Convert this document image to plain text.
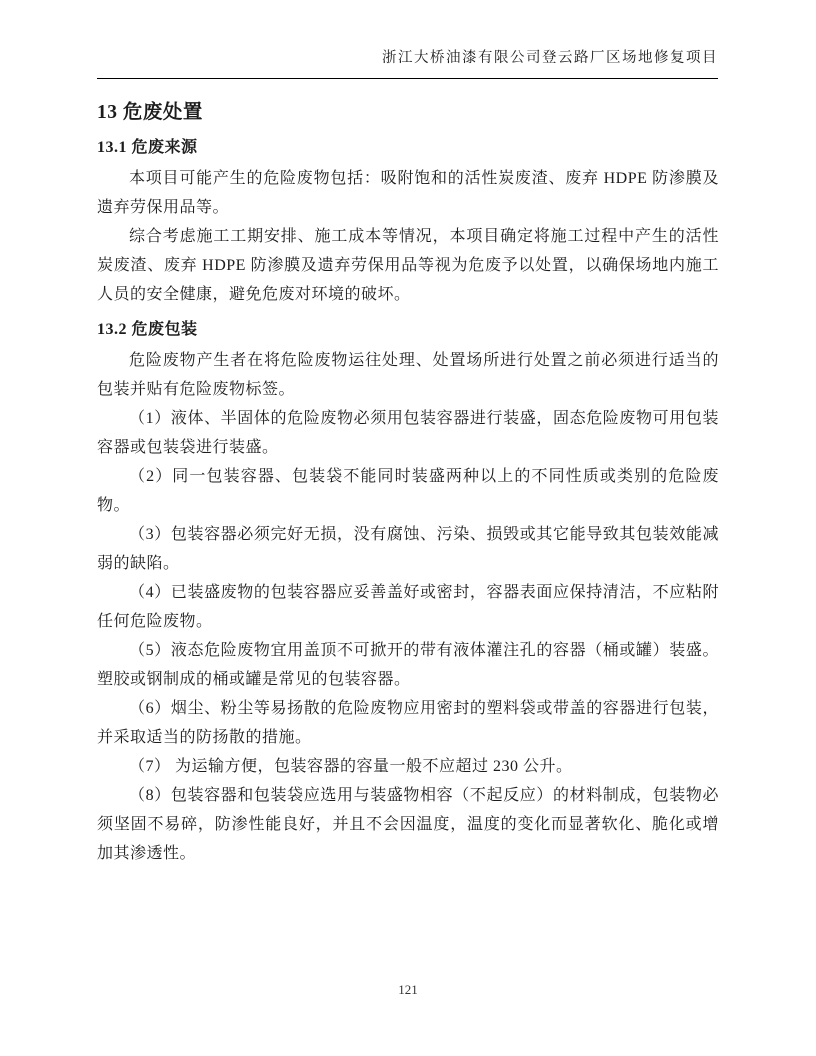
浙江大桥油漆有限公司登云路厂区场地修复项目
13 危废处置
13.1 危废来源

本项目可能产生的危险废物包括：吸附饱和的活性炭废渣、废弃 HDPE 防渗膜及遗弃劳保用品等。

综合考虑施工工期安排、施工成本等情况，本项目确定将施工过程中产生的活性炭废渣、废弃 HDPE 防渗膜及遗弃劳保用品等视为危废予以处置，以确保场地内施工人员的安全健康，避免危废对环境的破坏。

13.2 危废包装

危险废物产生者在将危险废物运往处理、处置场所进行处置之前必须进行适当的包装并贴有危险废物标签。

（1）液体、半固体的危险废物必须用包装容器进行装盛，固态危险废物可用包装容器或包装袋进行装盛。

（2）同一包装容器、包装袋不能同时装盛两种以上的不同性质或类别的危险废物。

（3）包装容器必须完好无损，没有腐蚀、污染、损毁或其它能导致其包装效能减弱的缺陷。

（4）已装盛废物的包装容器应妥善盖好或密封，容器表面应保持清洁，不应粘附任何危险废物。

（5）液态危险废物宜用盖顶不可掀开的带有液体灌注孔的容器（桶或罐）装盛。塑胶或钢制成的桶或罐是常见的包装容器。

（6）烟尘、粉尘等易扬散的危险废物应用密封的塑料袋或带盖的容器进行包装，并采取适当的防扬散的措施。

（7） 为运输方便，包装容器的容量一般不应超过 230 公升。

（8）包装容器和包装袋应选用与装盛物相容（不起反应）的材料制成，包装物必须坚固不易碎，防渗性能良好，并且不会因温度，温度的变化而显著软化、脆化或增加其渗透性。

121
